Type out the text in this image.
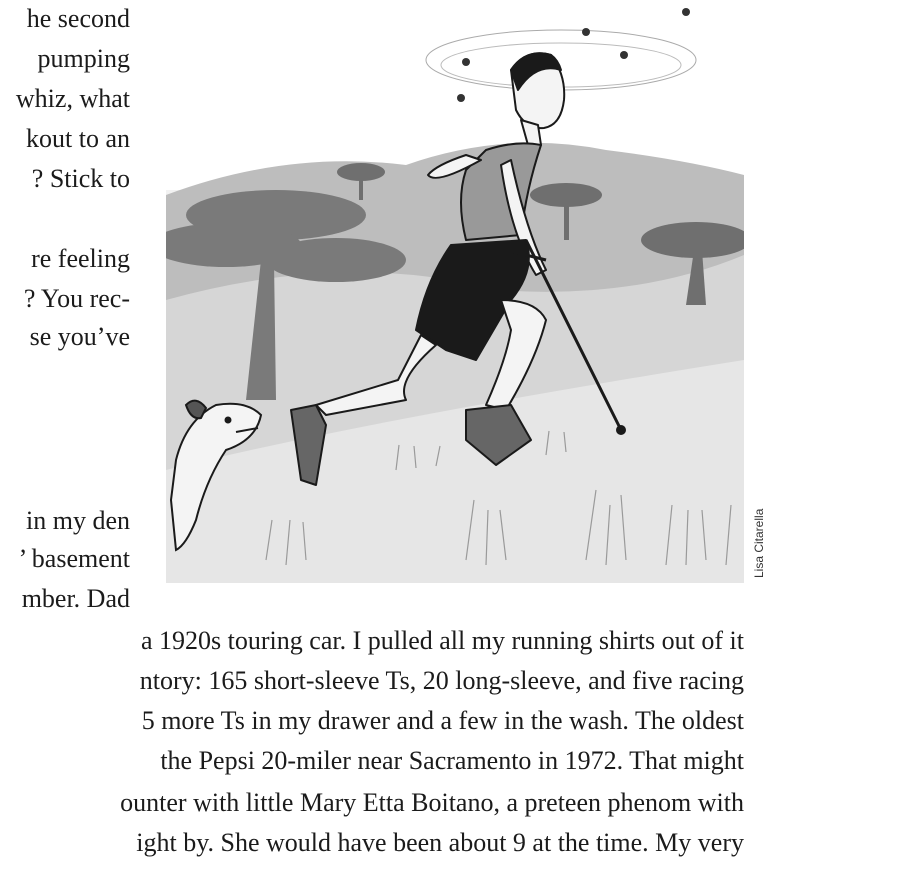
he second
pumping
whiz, what
kout to an
? Stick to
re feeling
? You rec-
se you’ve
in my den
’ basement
mber. Dad
a 1920s touring car. I pulled all my running shirts out of it
ntory: 165 short-sleeve Ts, 20 long-sleeve, and five racing
5 more Ts in my drawer and a few in the wash. The oldest
the Pepsi 20-miler near Sacramento in 1972. That might
ounter with little Mary Etta Boitano, a preteen phenom with
ight by. She would have been about 9 at the time. My very
Lisa Citarella
